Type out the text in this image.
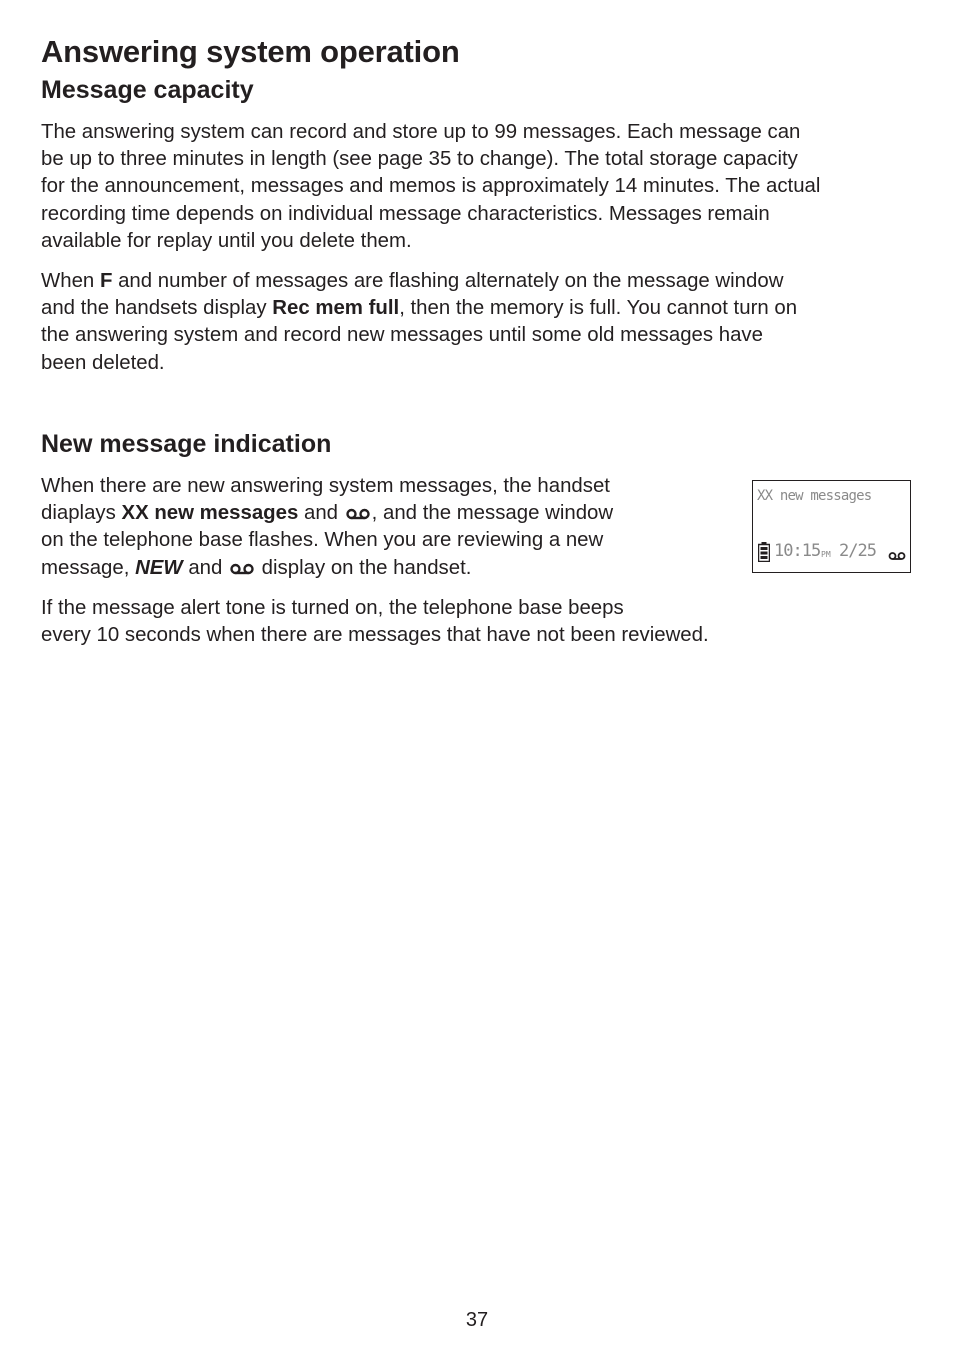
Answering system operation
Message capacity
The answering system can record and store up to 99 messages. Each message can
be up to three minutes in length (see page 35 to change). The total storage capacity
for the announcement, messages and memos is approximately 14 minutes. The actual
recording time depends on individual message characteristics. Messages remain
available for replay until you delete them.
When F and number of messages are flashing alternately on the message window
and the handsets display Rec mem full, then the memory is full. You cannot turn on
the answering system and record new messages until some old messages have
been deleted.
New message indication
When there are new answering system messages, the handset
diaplays XX new messages and , and the message window
on the telephone base flashes. When you are reviewing a new
message, NEW and  display on the handset.
If the message alert tone is turned on, the telephone base beeps
every 10 seconds when there are messages that have not been reviewed.
XX new messages
10:15 PM 2/25
37
